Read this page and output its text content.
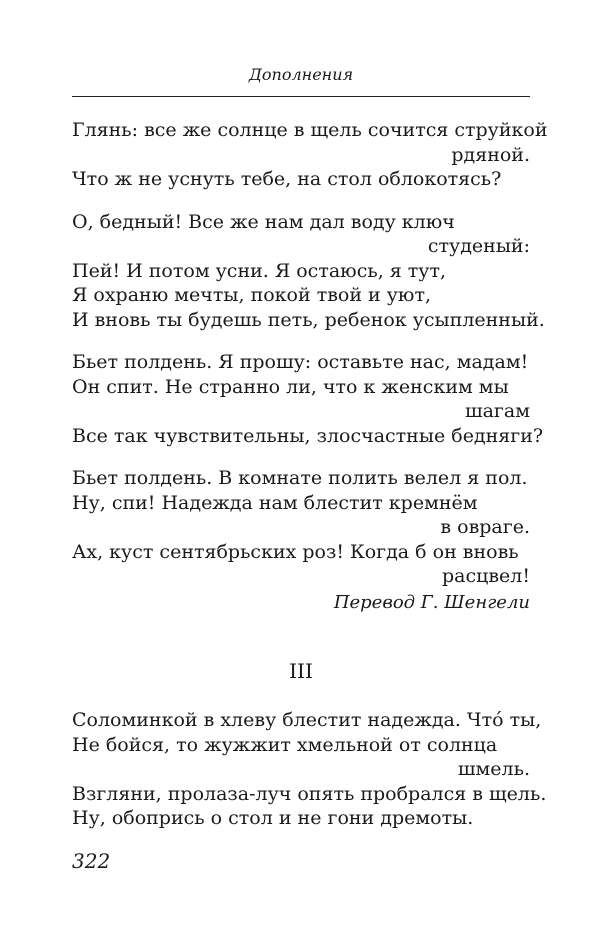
Дополнения
Глянь: все же солнце в щель сочится струйкой
рдяной.
Что ж не уснуть тебе, на стол облокотясь?
О, бедный! Все же нам дал воду ключ
студеный:
Пей! И потом усни. Я остаюсь, я тут,
Я охраню мечты, покой твой и уют,
И вновь ты будешь петь, ребенок усыпленный.
Бьет полдень. Я прошу: оставьте нас, мадам!
Он спит. Не странно ли, что к женским мы
шагам
Все так чувствительны, злосчастные бедняги?
Бьет полдень. В комнате полить велел я пол.
Ну, спи! Надежда нам блестит кремнём
в овраге.
Ах, куст сентябрьских роз! Когда б он вновь
расцвел!
Перевод Г. Шенгели
III
Соломинкой в хлеву блестит надежда. Что́ ты,
Не бойся, то жужжит хмельной от солнца
шмель.
Взгляни, пролаза-луч опять пробрался в щель.
Ну, обопрись о стол и не гони дремоты.
322
